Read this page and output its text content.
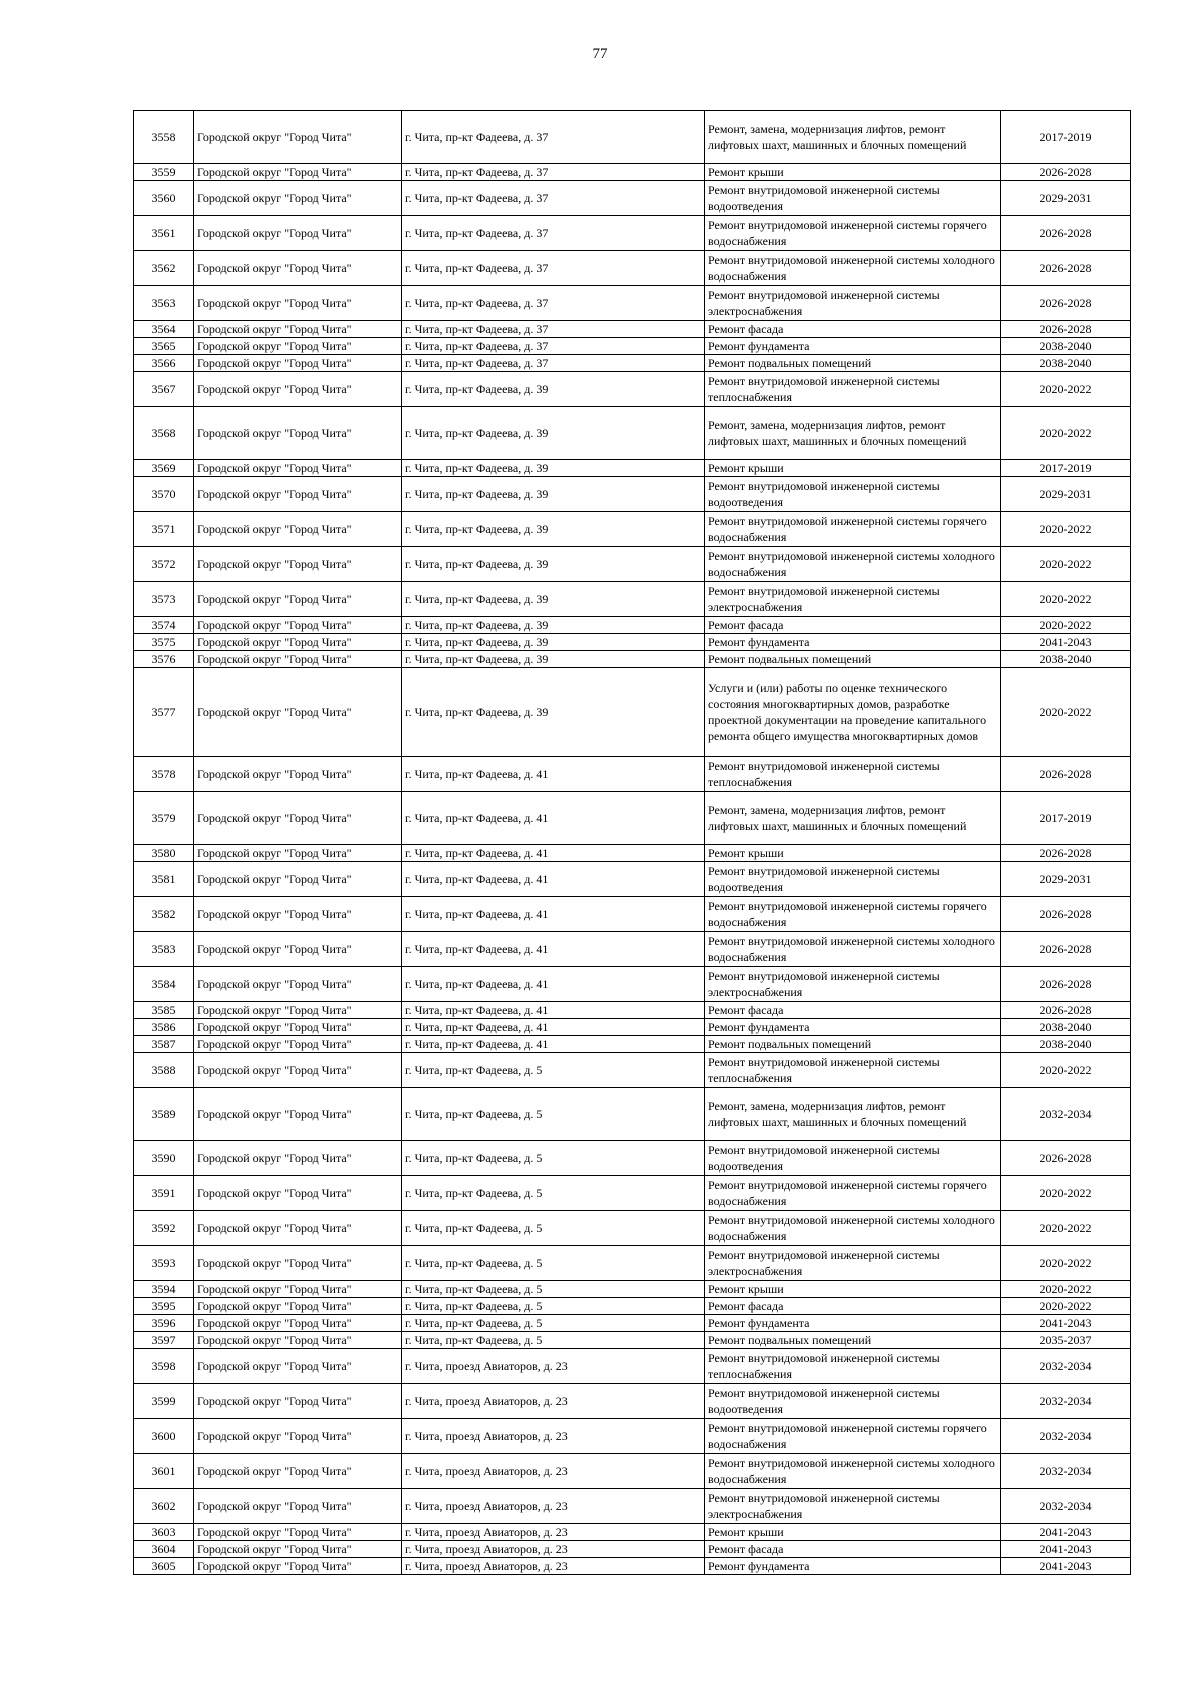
77
3558	Городской округ "Город Чита"	г. Чита, пр-кт Фадеева, д. 37	Ремонт, замена, модернизация лифтов, ремонт лифтовых шахт, машинных и блочных помещений	2017-2019
3559	Городской округ "Город Чита"	г. Чита, пр-кт Фадеева, д. 37	Ремонт крыши	2026-2028
3560	Городской округ "Город Чита"	г. Чита, пр-кт Фадеева, д. 37	Ремонт внутридомовой инженерной системы водоотведения	2029-2031
3561	Городской округ "Город Чита"	г. Чита, пр-кт Фадеева, д. 37	Ремонт внутридомовой инженерной системы горячего водоснабжения	2026-2028
3562	Городской округ "Город Чита"	г. Чита, пр-кт Фадеева, д. 37	Ремонт внутридомовой инженерной системы холодного водоснабжения	2026-2028
3563	Городской округ "Город Чита"	г. Чита, пр-кт Фадеева, д. 37	Ремонт внутридомовой инженерной системы электроснабжения	2026-2028
3564	Городской округ "Город Чита"	г. Чита, пр-кт Фадеева, д. 37	Ремонт фасада	2026-2028
3565	Городской округ "Город Чита"	г. Чита, пр-кт Фадеева, д. 37	Ремонт фундамента	2038-2040
3566	Городской округ "Город Чита"	г. Чита, пр-кт Фадеева, д. 37	Ремонт подвальных помещений	2038-2040
3567	Городской округ "Город Чита"	г. Чита, пр-кт Фадеева, д. 39	Ремонт внутридомовой инженерной системы теплоснабжения	2020-2022
3568	Городской округ "Город Чита"	г. Чита, пр-кт Фадеева, д. 39	Ремонт, замена, модернизация лифтов, ремонт лифтовых шахт, машинных и блочных помещений	2020-2022
3569	Городской округ "Город Чита"	г. Чита, пр-кт Фадеева, д. 39	Ремонт крыши	2017-2019
3570	Городской округ "Город Чита"	г. Чита, пр-кт Фадеева, д. 39	Ремонт внутридомовой инженерной системы водоотведения	2029-2031
3571	Городской округ "Город Чита"	г. Чита, пр-кт Фадеева, д. 39	Ремонт внутридомовой инженерной системы горячего водоснабжения	2020-2022
3572	Городской округ "Город Чита"	г. Чита, пр-кт Фадеева, д. 39	Ремонт внутридомовой инженерной системы холодного водоснабжения	2020-2022
3573	Городской округ "Город Чита"	г. Чита, пр-кт Фадеева, д. 39	Ремонт внутридомовой инженерной системы электроснабжения	2020-2022
3574	Городской округ "Город Чита"	г. Чита, пр-кт Фадеева, д. 39	Ремонт фасада	2020-2022
3575	Городской округ "Город Чита"	г. Чита, пр-кт Фадеева, д. 39	Ремонт фундамента	2041-2043
3576	Городской округ "Город Чита"	г. Чита, пр-кт Фадеева, д. 39	Ремонт подвальных помещений	2038-2040
3577	Городской округ "Город Чита"	г. Чита, пр-кт Фадеева, д. 39	Услуги и (или) работы по оценке технического состояния многоквартирных домов, разработке проектной документации на проведение капитального ремонта общего имущества многоквартирных домов	2020-2022
3578	Городской округ "Город Чита"	г. Чита, пр-кт Фадеева, д. 41	Ремонт внутридомовой инженерной системы теплоснабжения	2026-2028
3579	Городской округ "Город Чита"	г. Чита, пр-кт Фадеева, д. 41	Ремонт, замена, модернизация лифтов, ремонт лифтовых шахт, машинных и блочных помещений	2017-2019
3580	Городской округ "Город Чита"	г. Чита, пр-кт Фадеева, д. 41	Ремонт крыши	2026-2028
3581	Городской округ "Город Чита"	г. Чита, пр-кт Фадеева, д. 41	Ремонт внутридомовой инженерной системы водоотведения	2029-2031
3582	Городской округ "Город Чита"	г. Чита, пр-кт Фадеева, д. 41	Ремонт внутридомовой инженерной системы горячего водоснабжения	2026-2028
3583	Городской округ "Город Чита"	г. Чита, пр-кт Фадеева, д. 41	Ремонт внутридомовой инженерной системы холодного водоснабжения	2026-2028
3584	Городской округ "Город Чита"	г. Чита, пр-кт Фадеева, д. 41	Ремонт внутридомовой инженерной системы электроснабжения	2026-2028
3585	Городской округ "Город Чита"	г. Чита, пр-кт Фадеева, д. 41	Ремонт фасада	2026-2028
3586	Городской округ "Город Чита"	г. Чита, пр-кт Фадеева, д. 41	Ремонт фундамента	2038-2040
3587	Городской округ "Город Чита"	г. Чита, пр-кт Фадеева, д. 41	Ремонт подвальных помещений	2038-2040
3588	Городской округ "Город Чита"	г. Чита, пр-кт Фадеева, д. 5	Ремонт внутридомовой инженерной системы теплоснабжения	2020-2022
3589	Городской округ "Город Чита"	г. Чита, пр-кт Фадеева, д. 5	Ремонт, замена, модернизация лифтов, ремонт лифтовых шахт, машинных и блочных помещений	2032-2034
3590	Городской округ "Город Чита"	г. Чита, пр-кт Фадеева, д. 5	Ремонт внутридомовой инженерной системы водоотведения	2026-2028
3591	Городской округ "Город Чита"	г. Чита, пр-кт Фадеева, д. 5	Ремонт внутридомовой инженерной системы горячего водоснабжения	2020-2022
3592	Городской округ "Город Чита"	г. Чита, пр-кт Фадеева, д. 5	Ремонт внутридомовой инженерной системы холодного водоснабжения	2020-2022
3593	Городской округ "Город Чита"	г. Чита, пр-кт Фадеева, д. 5	Ремонт внутридомовой инженерной системы электроснабжения	2020-2022
3594	Городской округ "Город Чита"	г. Чита, пр-кт Фадеева, д. 5	Ремонт крыши	2020-2022
3595	Городской округ "Город Чита"	г. Чита, пр-кт Фадеева, д. 5	Ремонт фасада	2020-2022
3596	Городской округ "Город Чита"	г. Чита, пр-кт Фадеева, д. 5	Ремонт фундамента	2041-2043
3597	Городской округ "Город Чита"	г. Чита, пр-кт Фадеева, д. 5	Ремонт подвальных помещений	2035-2037
3598	Городской округ "Город Чита"	г. Чита, проезд Авиаторов, д. 23	Ремонт внутридомовой инженерной системы теплоснабжения	2032-2034
3599	Городской округ "Город Чита"	г. Чита, проезд Авиаторов, д. 23	Ремонт внутридомовой инженерной системы водоотведения	2032-2034
3600	Городской округ "Город Чита"	г. Чита, проезд Авиаторов, д. 23	Ремонт внутридомовой инженерной системы горячего водоснабжения	2032-2034
3601	Городской округ "Город Чита"	г. Чита, проезд Авиаторов, д. 23	Ремонт внутридомовой инженерной системы холодного водоснабжения	2032-2034
3602	Городской округ "Город Чита"	г. Чита, проезд Авиаторов, д. 23	Ремонт внутридомовой инженерной системы электроснабжения	2032-2034
3603	Городской округ "Город Чита"	г. Чита, проезд Авиаторов, д. 23	Ремонт крыши	2041-2043
3604	Городской округ "Город Чита"	г. Чита, проезд Авиаторов, д. 23	Ремонт фасада	2041-2043
3605	Городской округ "Город Чита"	г. Чита, проезд Авиаторов, д. 23	Ремонт фундамента	2041-2043
